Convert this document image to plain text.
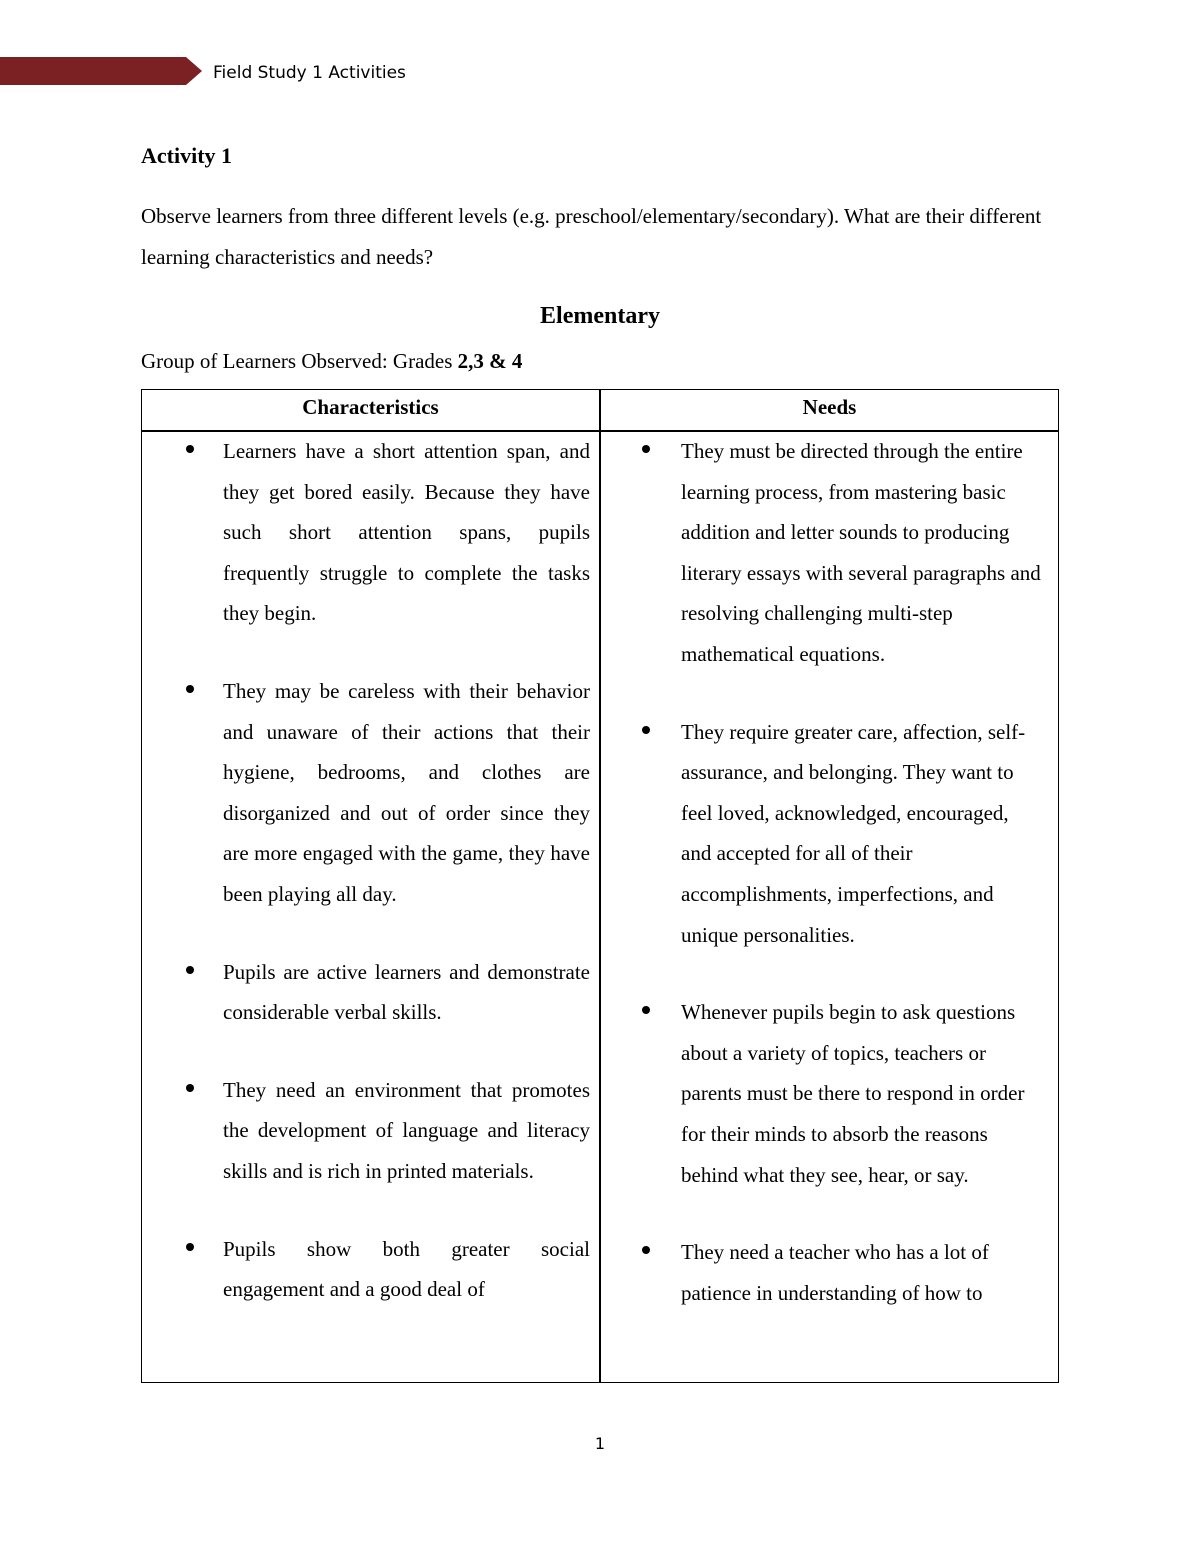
Field Study 1 Activities
Activity 1
Observe learners from three different levels (e.g. preschool/elementary/secondary). What are their different learning characteristics and needs?
Elementary
Group of Learners Observed: Grades 2,3 & 4
Characteristics	Needs
Learners have a short attention span, and they get bored easily. Because they have such short attention spans, pupils frequently struggle to complete the tasks they begin.
They may be careless with their behavior and unaware of their actions that their hygiene, bedrooms, and clothes are disorganized and out of order since they are more engaged with the game, they have been playing all day.
Pupils are active learners and demonstrate considerable verbal skills.
They need an environment that promotes the development of language and literacy skills and is rich in printed materials.
Pupils show both greater social engagement and a good deal of
They must be directed through the entire learning process, from mastering basic addition and letter sounds to producing literary essays with several paragraphs and resolving challenging multi-step mathematical equations.
They require greater care, affection, self-assurance, and belonging. They want to feel loved, acknowledged, encouraged, and accepted for all of their accomplishments, imperfections, and unique personalities.
Whenever pupils begin to ask questions about a variety of topics, teachers or parents must be there to respond in order for their minds to absorb the reasons behind what they see, hear, or say.
They need a teacher who has a lot of patience in understanding of how to
1
